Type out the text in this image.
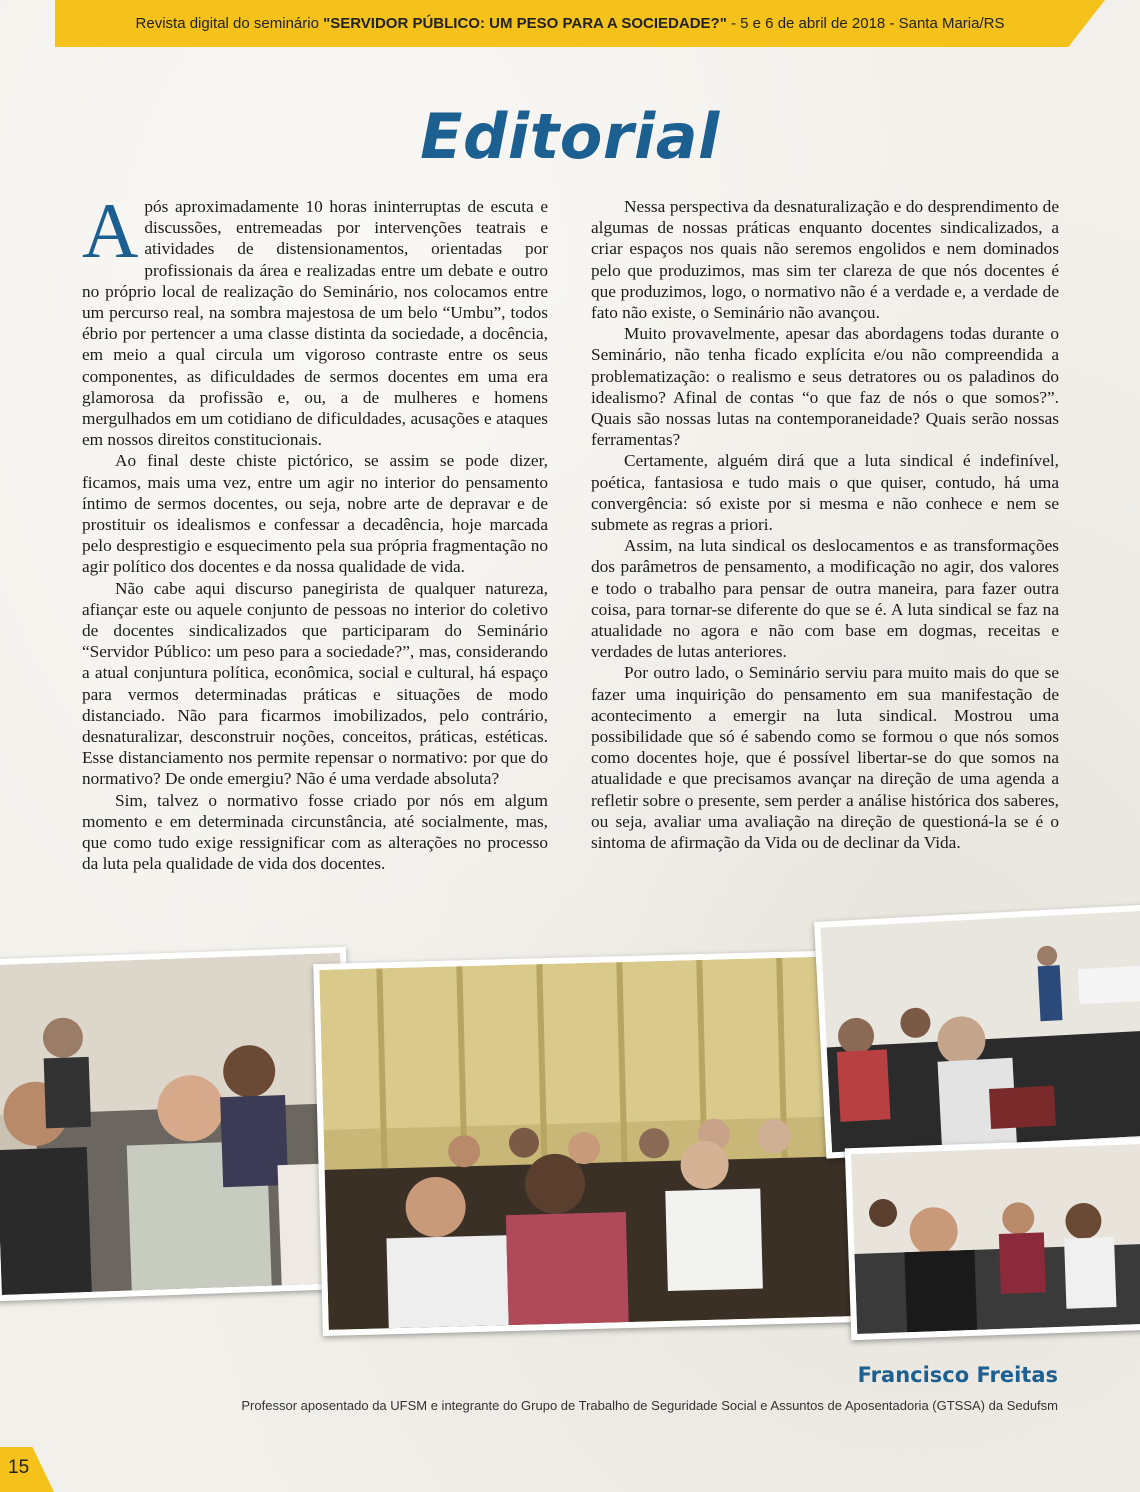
Revista digital do seminário "SERVIDOR PÚBLICO: UM PESO PARA A SOCIEDADE?" - 5 e 6 de abril de 2018 - Santa Maria/RS
Editorial

Após aproximadamente 10 horas ininterruptas de escuta e discussões, entremeadas por intervenções teatrais e atividades de distensionamentos, orientadas por profissionais da área e realizadas entre um debate e outro no próprio local de realização do Seminário, nos colocamos entre um percurso real, na sombra majestosa de um belo “Umbu”, todos ébrio por pertencer a uma classe distinta da sociedade, a docência, em meio a qual circula um vigoroso contraste entre os seus componentes, as dificuldades de sermos docentes em uma era glamorosa da profissão e, ou, a de mulheres e homens mergulhados em um cotidiano de dificuldades, acusações e ataques em nossos direitos constitucionais.

Ao final deste chiste pictórico, se assim se pode dizer, ficamos, mais uma vez, entre um agir no interior do pensamento íntimo de sermos docentes, ou seja, nobre arte de depravar e de prostituir os idealismos e confessar a decadência, hoje marcada pelo desprestigio e esquecimento pela sua própria fragmentação no agir político dos docentes e da nossa qualidade de vida.

Não cabe aqui discurso panegirista de qualquer natureza, afiançar este ou aquele conjunto de pessoas no interior do coletivo de docentes sindicalizados que participaram do Seminário “Servidor Público: um peso para a sociedade?”, mas, considerando a atual conjuntura política, econômica, social e cultural, há espaço para vermos determinadas práticas e situações de modo distanciado. Não para ficarmos imobilizados, pelo contrário, desnaturalizar, desconstruir noções, conceitos, práticas, estéticas. Esse distanciamento nos permite repensar o normativo: por que do normativo? De onde emergiu? Não é uma verdade absoluta?

Sim, talvez o normativo fosse criado por nós em algum momento e em determinada circunstância, até socialmente, mas, que como tudo exige ressignificar com as alterações no processo da luta pela qualidade de vida dos docentes.

Nessa perspectiva da desnaturalização e do desprendimento de algumas de nossas práticas enquanto docentes sindicalizados, a criar espaços nos quais não seremos engolidos e nem dominados pelo que produzimos, mas sim ter clareza de que nós docentes é que produzimos, logo, o normativo não é a verdade e, a verdade de fato não existe, o Seminário não avançou.

Muito provavelmente, apesar das abordagens todas durante o Seminário, não tenha ficado explícita e/ou não compreendida a problematização: o realismo e seus detratores ou os paladinos do idealismo? Afinal de contas “o que faz de nós o que somos?”. Quais são nossas lutas na contemporaneidade? Quais serão nossas ferramentas?

Certamente, alguém dirá que a luta sindical é indefinível, poética, fantasiosa e tudo mais o que quiser, contudo, há uma convergência: só existe por si mesma e não conhece e nem se submete as regras a priori.

Assim, na luta sindical os deslocamentos e as transformações dos parâmetros de pensamento, a modificação no agir, dos valores e todo o trabalho para pensar de outra maneira, para fazer outra coisa, para tornar-se diferente do que se é. A luta sindical se faz na atualidade no agora e não com base em dogmas, receitas e verdades de lutas anteriores.

Por outro lado, o Seminário serviu para muito mais do que se fazer uma inquirição do pensamento em sua manifestação de acontecimento a emergir na luta sindical. Mostrou uma possibilidade que só é sabendo como se formou o que nós somos como docentes hoje, que é possível libertar-se do que somos na atualidade e que precisamos avançar na direção de uma agenda a refletir sobre o presente, sem perder a análise histórica dos saberes, ou seja, avaliar uma avaliação na direção de questioná-la se é o sintoma de afirmação da Vida ou de declinar da Vida.

Francisco Freitas
Professor aposentado da UFSM e integrante do Grupo de Trabalho de Seguridade Social e Assuntos de Aposentadoria (GTSSA) da Sedufsm
15
